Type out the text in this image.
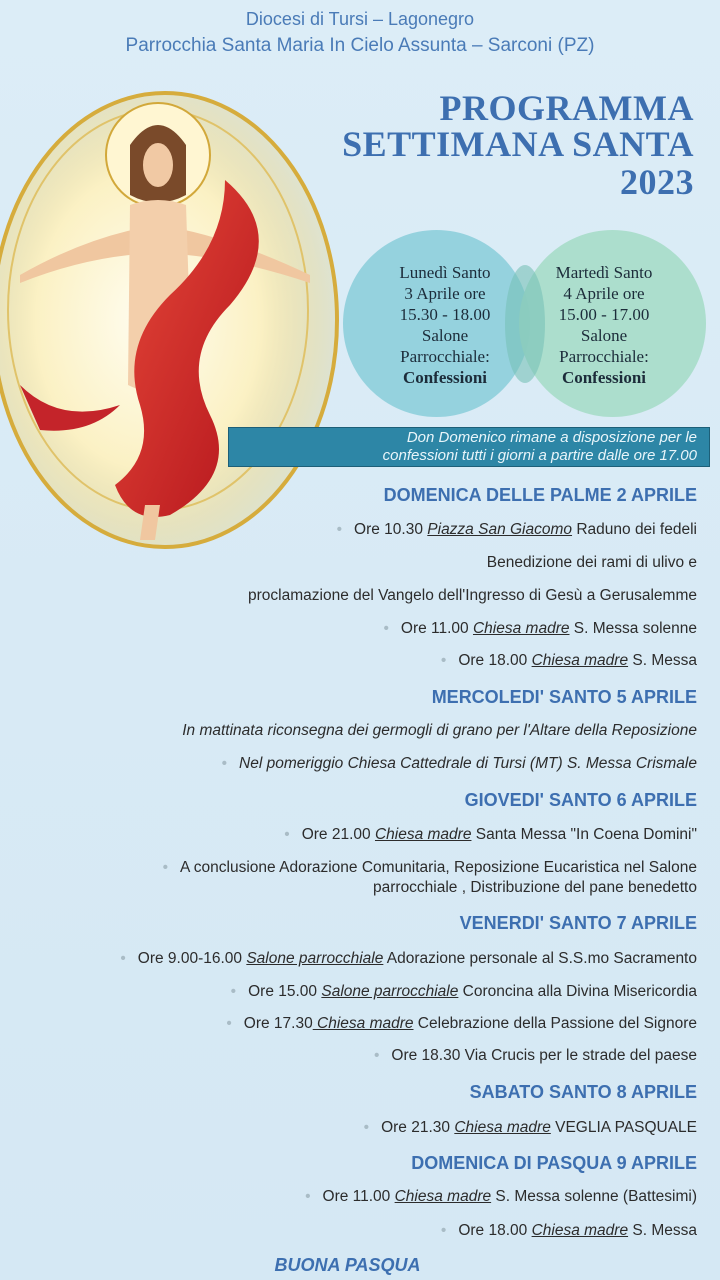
Diocesi di Tursi – Lagonegro
Parrocchia Santa Maria In Cielo Assunta – Sarconi (PZ)
PROGRAMMA
SETTIMANA SANTA
2023
Lunedì Santo
3 Aprile ore
15.30 - 18.00
Salone
Parrocchiale:
Confessioni
Martedì Santo
4 Aprile ore
15.00 - 17.00
Salone
Parrocchiale:
Confessioni

Don Domenico rimane a disposizione per le

confessioni tutti i giorni a partire dalle ore 17.00

DOMENICA DELLE PALME 2 APRILE
• Ore 10.30 Piazza San Giacomo Raduno dei fedeli
Benedizione dei rami di ulivo e
proclamazione del Vangelo dell'Ingresso di Gesù a Gerusalemme
• Ore 11.00 Chiesa madre S. Messa solenne
• Ore 18.00 Chiesa madre S. Messa
MERCOLEDI' SANTO 5 APRILE
In mattinata riconsegna dei germogli di grano per l'Altare della Reposizione
• Nel pomeriggio Chiesa Cattedrale di Tursi (MT) S. Messa Crismale
GIOVEDI' SANTO 6 APRILE
• Ore 21.00 Chiesa madre Santa Messa "In Coena Domini"
• A conclusione Adorazione Comunitaria, Reposizione Eucaristica nel Salone
parrocchiale , Distribuzione del pane benedetto
VENERDI' SANTO 7 APRILE
• Ore 9.00-16.00 Salone parrocchiale Adorazione personale al S.S.mo Sacramento
• Ore 15.00 Salone parrocchiale Coroncina alla Divina Misericordia
• Ore 17.30 Chiesa madre Celebrazione della Passione del Signore
• Ore 18.30 Via Crucis per le strade del paese
SABATO SANTO 8 APRILE
• Ore 21.30 Chiesa madre VEGLIA PASQUALE
DOMENICA DI PASQUA 9 APRILE
• Ore 11.00 Chiesa madre S. Messa solenne (Battesimi)
• Ore 18.00 Chiesa madre S. Messa
BUONA PASQUA
